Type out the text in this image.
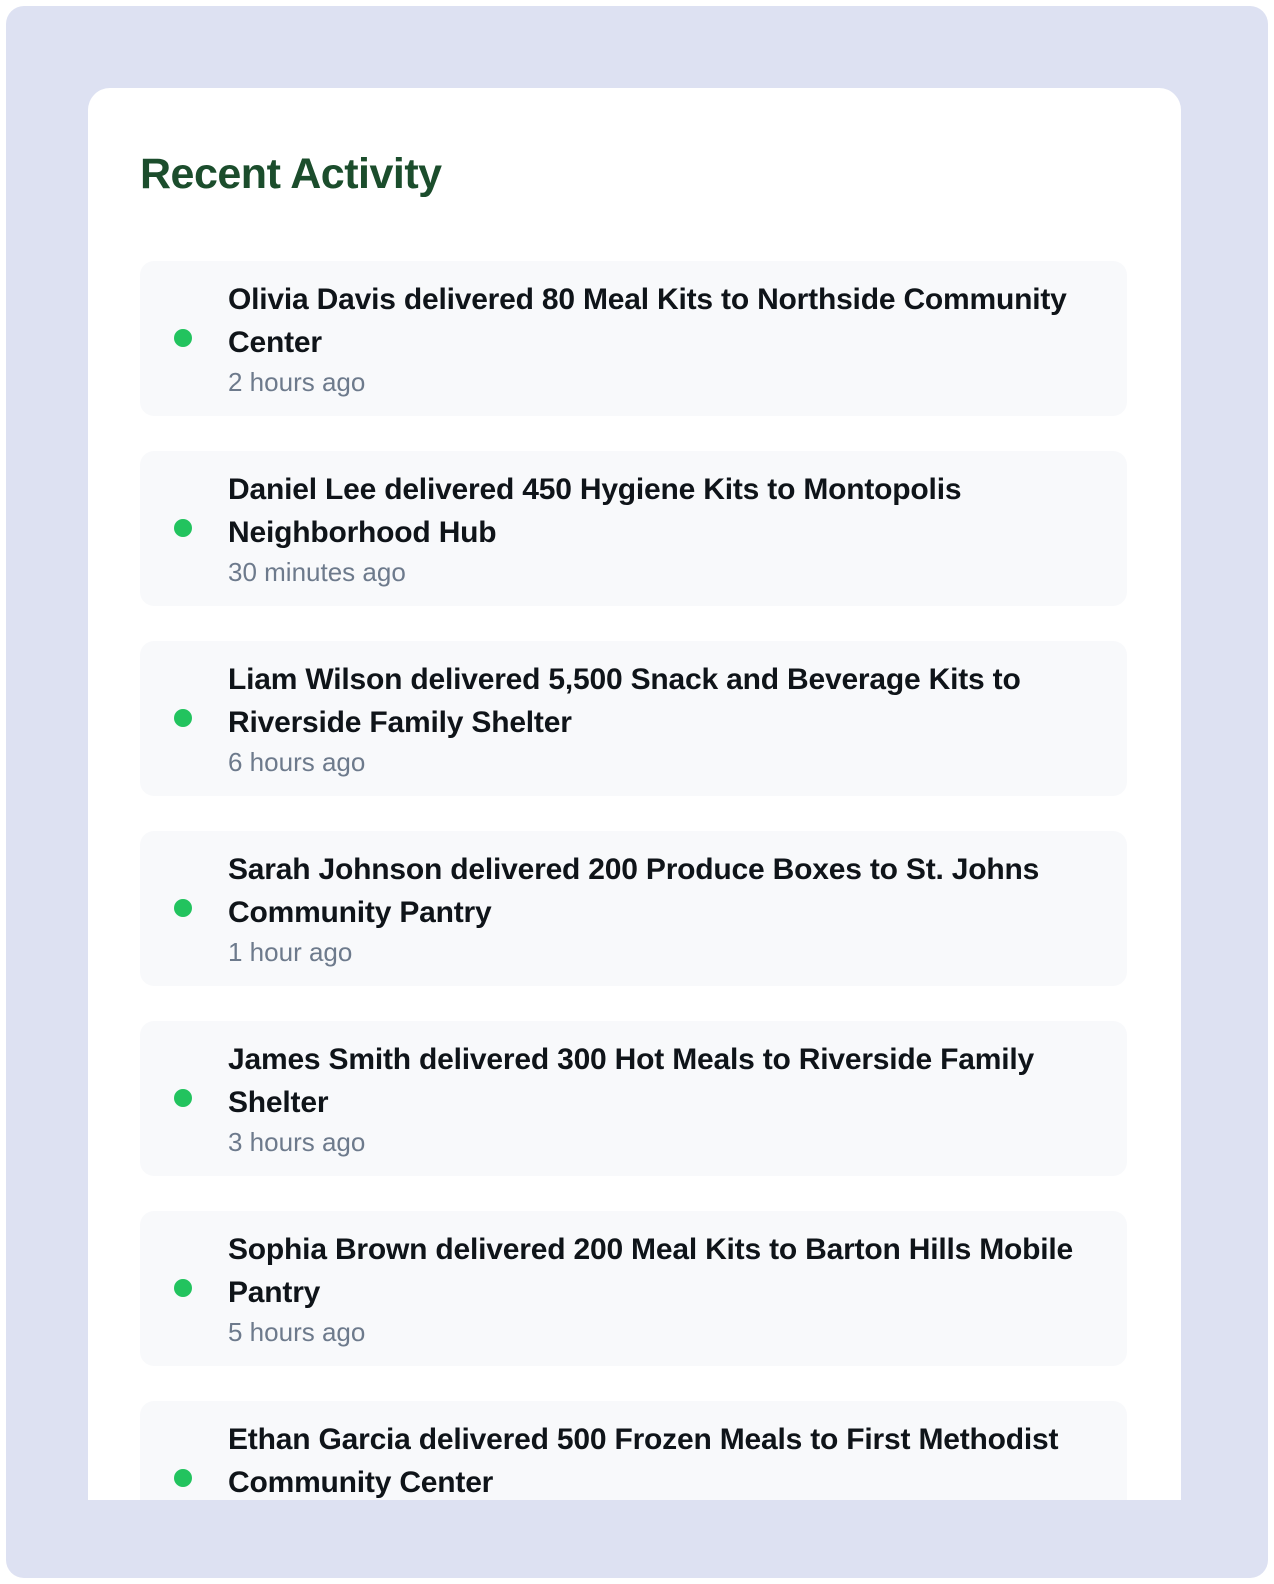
Recent Activity

Olivia Davis delivered 80 Meal Kits to Northside Community Center

2 hours ago

Daniel Lee delivered 450 Hygiene Kits to Montopolis Neighborhood Hub

30 minutes ago

Liam Wilson delivered 5,500 Snack and Beverage Kits to Riverside Family Shelter

6 hours ago

Sarah Johnson delivered 200 Produce Boxes to St. Johns Community Pantry

1 hour ago

James Smith delivered 300 Hot Meals to Riverside Family Shelter

3 hours ago

Sophia Brown delivered 200 Meal Kits to Barton Hills Mobile Pantry

5 hours ago

Ethan Garcia delivered 500 Frozen Meals to First Methodist Community Center
